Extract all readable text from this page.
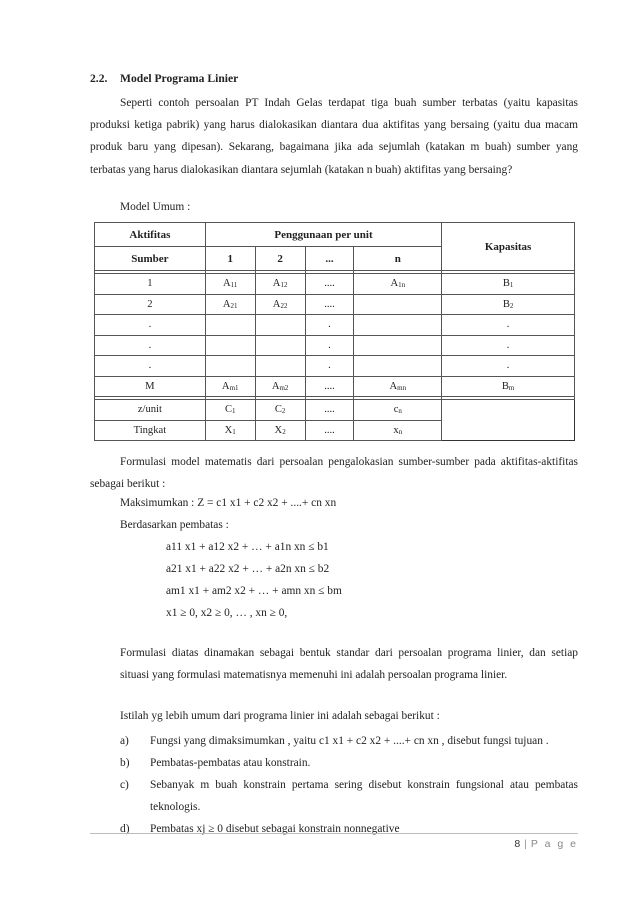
2.2. Model Programa Linier
Seperti contoh persoalan PT Indah Gelas terdapat tiga buah sumber terbatas (yaitu kapasitas produksi ketiga pabrik) yang harus dialokasikan diantara dua aktifitas yang bersaing (yaitu dua macam produk baru yang dipesan). Sekarang, bagaimana jika ada sejumlah (katakan m buah) sumber yang terbatas yang harus dialokasikan diantara sejumlah (katakan n buah) aktifitas yang bersaing?
Model Umum :
Aktifitas	Penggunaan per unit				Kapasitas
Sumber	1	2	...	n	

1	$A_{11}$	$A_{12}$	....	$A_{1n}$	$B_1$
2	$A_{21}$	$A_{22}$	....		$B_2$
.			.		.
.			.		.
.			.		.
M	$A_{m1}$	$A_{m2}$	....	$A_{mn}$	$B_m$

z/unit	$C_1$	$C_2$	....	$c_n$
Tingkat	$X_1$	$X_2$	....	$x_n$
Formulasi model matematis dari persoalan pengalokasian sumber-sumber pada aktifitas-aktifitas sebagai berikut :
Maksimumkan : Z = c1 x1 + c2 x2 + ....+ cn xn
Berdasarkan pembatas :
a11 x1 + a12 x2 + … + a1n xn ≤ b1
a21 x1 + a22 x2 + … + a2n xn ≤ b2
am1 x1 + am2 x2 + … + amn xn ≤ bm
x1 ≥ 0, x2 ≥ 0, … , xn ≥ 0,
Formulasi diatas dinamakan sebagai bentuk standar dari persoalan programa linier, dan setiap situasi yang formulasi matematisnya memenuhi ini adalah persoalan programa linier.
Istilah yg lebih umum dari programa linier ini adalah sebagai berikut :
a) Fungsi yang dimaksimumkan , yaitu c1 x1 + c2 x2 + ....+ cn xn , disebut fungsi tujuan .
b) Pembatas-pembatas atau konstrain.
c)	Sebanyak m buah konstrain pertama sering disebut konstrain fungsional atau pembatas teknologis.
d) Pembatas xj ≥ 0 disebut sebagai konstrain nonnegative
8 | P a g e
